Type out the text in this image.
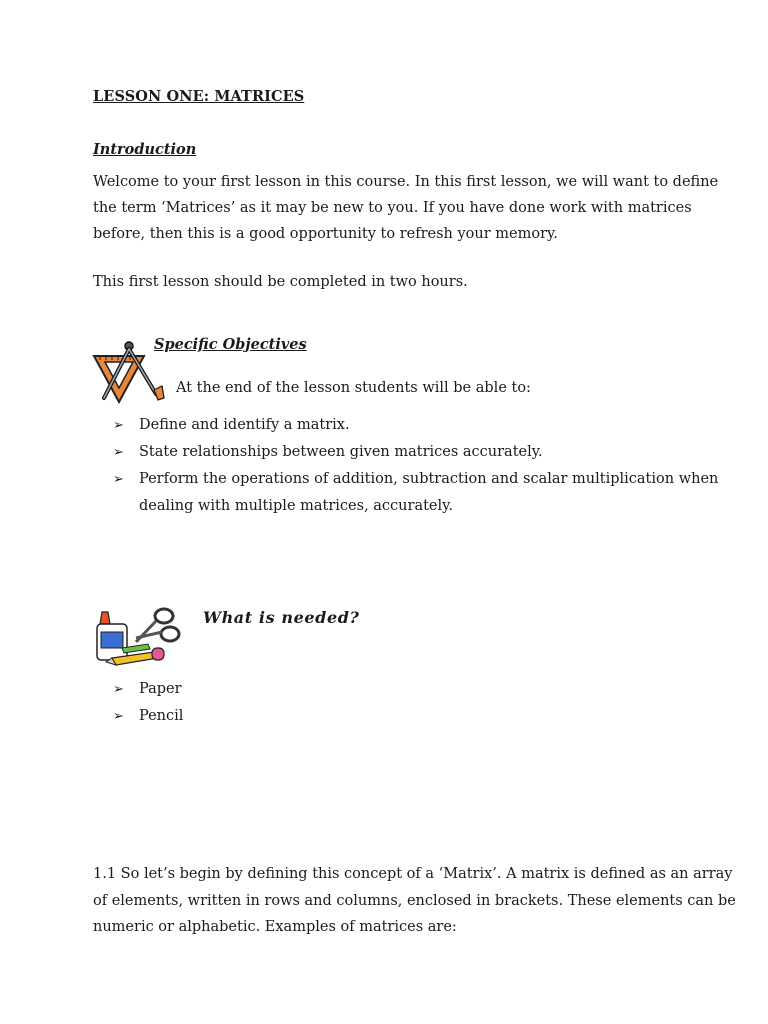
LESSON ONE: MATRICES
Introduction

Welcome to your first lesson in this course. In this first lesson, we will want to define the term ‘Matrices’ as it may be new to you. If you have done work with matrices before, then this is a good opportunity to refresh your memory.

This first lesson should be completed in two hours.
Specific Objectives
At the end of the lesson students will be able to:
➢ Define and identify a matrix.
➢ State relationships between given matrices accurately.
➢ Perform the operations of addition, subtraction and scalar multiplication when dealing with multiple matrices, accurately.
What is needed?
➢ Paper
➢ Pencil

1.1 So let’s begin by defining this concept of a ‘Matrix’. A matrix is defined as an array of elements, written in rows and columns, enclosed in brackets. These elements can be numeric or alphabetic. Examples of matrices are:
